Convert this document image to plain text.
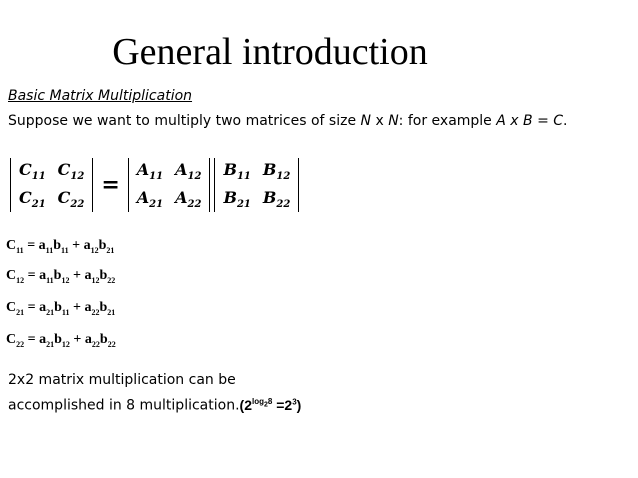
General introduction
Basic Matrix Multiplication
Suppose we want to multiply two matrices of size N x N: for example A x B = C.
$C_{11}$ $C_{12}$
$C_{21}$ $C_{22}$
=
$A_{11}$ $A_{12}$
$A_{21}$ $A_{22}$
$B_{11}$ $B_{12}$
$B_{21}$ $B_{22}$
$C_{11} = a_{11}b_{11} + a_{12}b_{21}$
$C_{12} = a_{11}b_{12} + a_{12}b_{22}$
$C_{21} = a_{21}b_{11} + a_{22}b_{21}$
$C_{22} = a_{21}b_{12} + a_{22}b_{22}$
2x2 matrix multiplication can be
accomplished in 8 $multiplication.(2^{log_28} =2^3)$
